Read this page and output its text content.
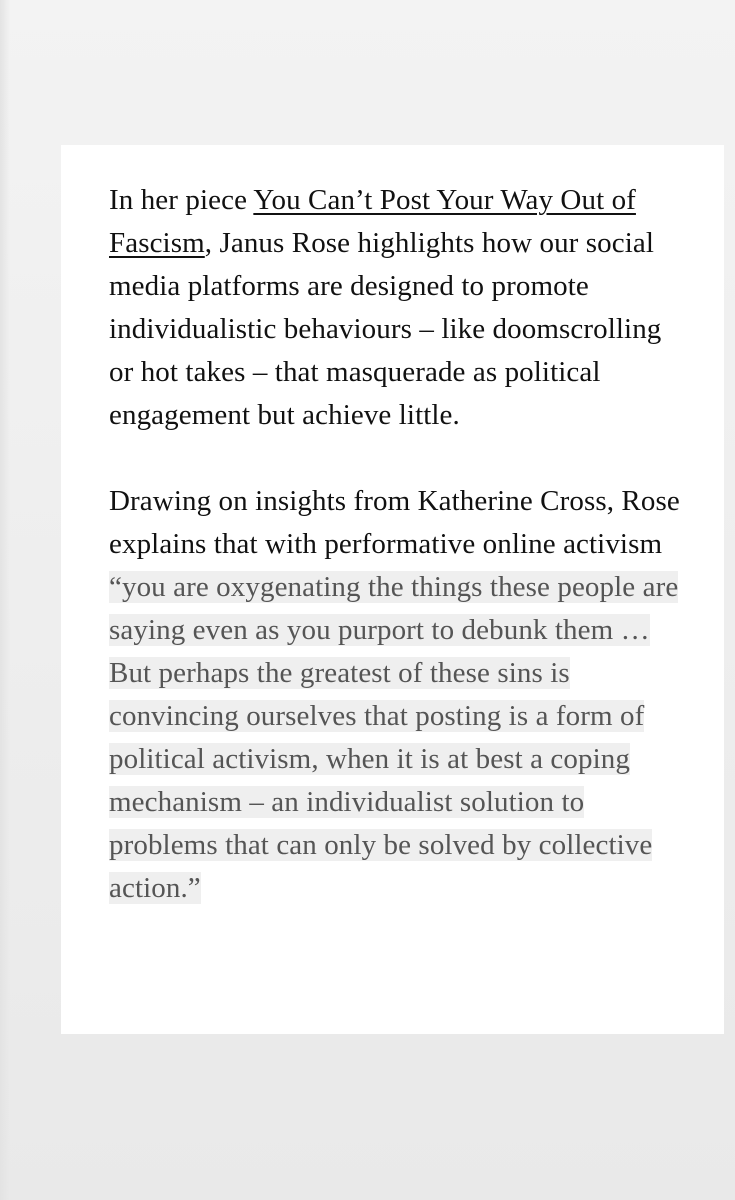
In her piece You Can’t Post Your Way Out of Fascism, Janus Rose highlights how our social media platforms are designed to promote individualistic behaviours – like doomscrolling or hot takes – that masquerade as political engagement but achieve little.

Drawing on insights from Katherine Cross, Rose explains that with performative online activism “you are oxygenating the things these people are saying even as you purport to debunk them … But perhaps the greatest of these sins is convincing ourselves that posting is a form of political activism, when it is at best a coping mechanism – an individualist solution to problems that can only be solved by collective action.”
